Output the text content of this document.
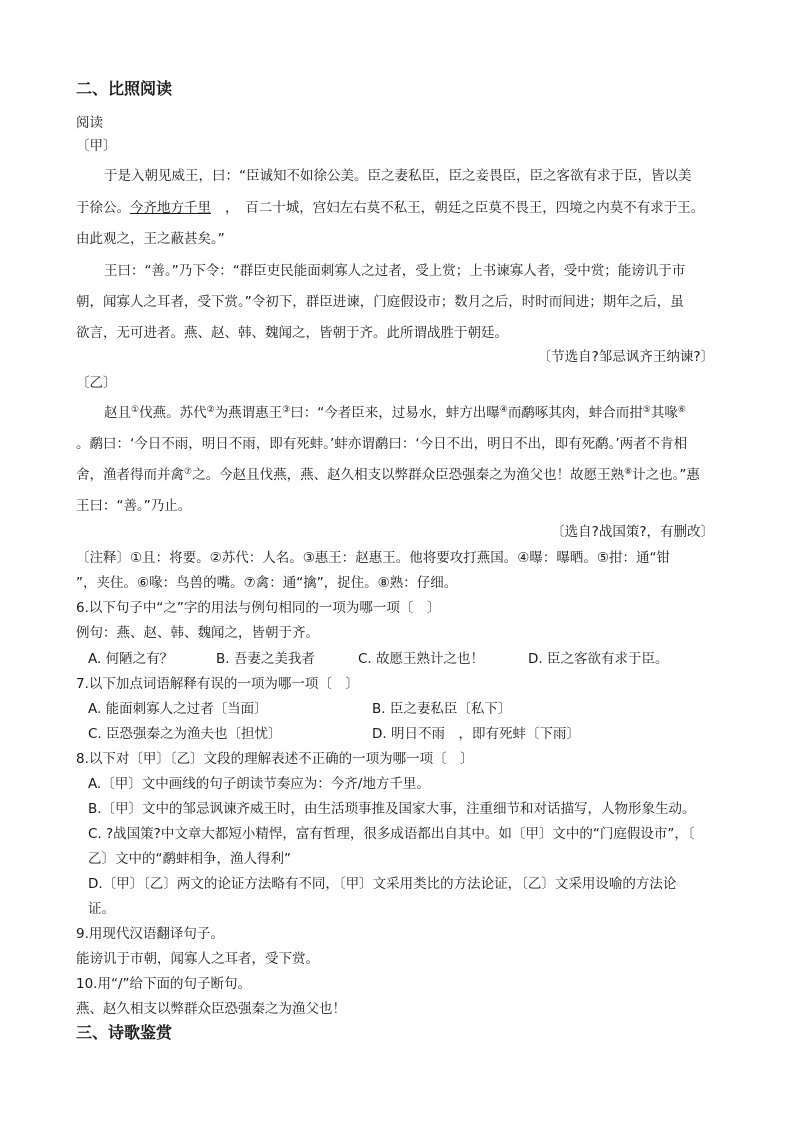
二、比照阅读
阅读
〔甲〕
于是入朝见威王，曰：“臣诚知不如徐公美。臣之妻私臣，臣之妾畏臣，臣之客欲有求于臣，皆以美
于徐公。今齐地方千里 ，　百二十城，宫妇左右莫不私王，朝廷之臣莫不畏王，四境之内莫不有求于王。
由此观之，王之蔽甚矣。”
王曰：“善。”乃下令：“群臣吏民能面刺寡人之过者，受上赏；上书谏寡人者，受中赏；能谤讥于市
朝，闻寡人之耳者，受下赏。”令初下，群臣进谏，门庭假设市；数月之后，时时而间进；期年之后，虽
欲言，无可进者。燕、赵、韩、魏闻之，皆朝于齐。此所谓战胜于朝廷。
〔节选自?邹忌讽齐王纳谏?〕
〔乙〕
赵且①伐燕。苏代②为燕谓惠王③曰：“今者臣来，过易水，蚌方出曝④而鹬啄其肉，蚌合而拑⑤其喙⑥
。鹬曰：‘今日不雨，明日不雨，即有死蚌。’蚌亦谓鹬曰：‘今日不出，明日不出，即有死鹬。’两者不肯相
舍，渔者得而并禽⑦之。今赵且伐燕，燕、赵久相支以弊群众臣恐强秦之为渔父也！故愿王熟⑧计之也。”惠
王曰：“善。”乃止。
〔选自?战国策?，有删改〕
〔注释〕①且：将要。②苏代：人名。③惠王：赵惠王。他将要攻打燕国。④曝：曝晒。⑤拑：通“钳
”，夹住。⑥喙：鸟兽的嘴。⑦禽：通“擒”，捉住。⑧熟：仔细。
6.以下句子中“之”字的用法与例句相同的一项为哪一项〔　〕
例句：燕、赵、韩、魏闻之，皆朝于齐。
A. 何陋之有？	B. 吾妻之美我者	C. 故愿王熟计之也！	D. 臣之客欲有求于臣。
7.以下加点词语解释有误的一项为哪一项〔　〕
A. 能面刺寡人之过者〔当面〕	B. 臣之妻私臣〔私下〕
C. 臣恐强秦之为渔夫也〔担忧〕	D. 明日不雨　，即有死蚌〔下雨〕
8.以下对〔甲〕〔乙〕文段的理解表述不正确的一项为哪一项〔　〕
A.〔甲〕文中画线的句子朗读节奏应为：今齐/地方千里。
B.〔甲〕文中的邹忌讽谏齐威王时，由生活琐事推及国家大事，注重细节和对话描写，人物形象生动。
C. ?战国策?中文章大都短小精悍，富有哲理，很多成语都出自其中。如〔甲〕文中的“门庭假设市”，〔
乙〕文中的“鹬蚌相争，渔人得利”
D.〔甲〕〔乙〕两文的论证方法略有不同，〔甲〕文采用类比的方法论证，〔乙〕文采用设喻的方法论
证。
9.用现代汉语翻译句子。
能谤讥于市朝，闻寡人之耳者，受下赏。
10.用“/”给下面的句子断句。
燕、赵久相支以弊群众臣恐强秦之为渔父也！
三、诗歌鉴赏
